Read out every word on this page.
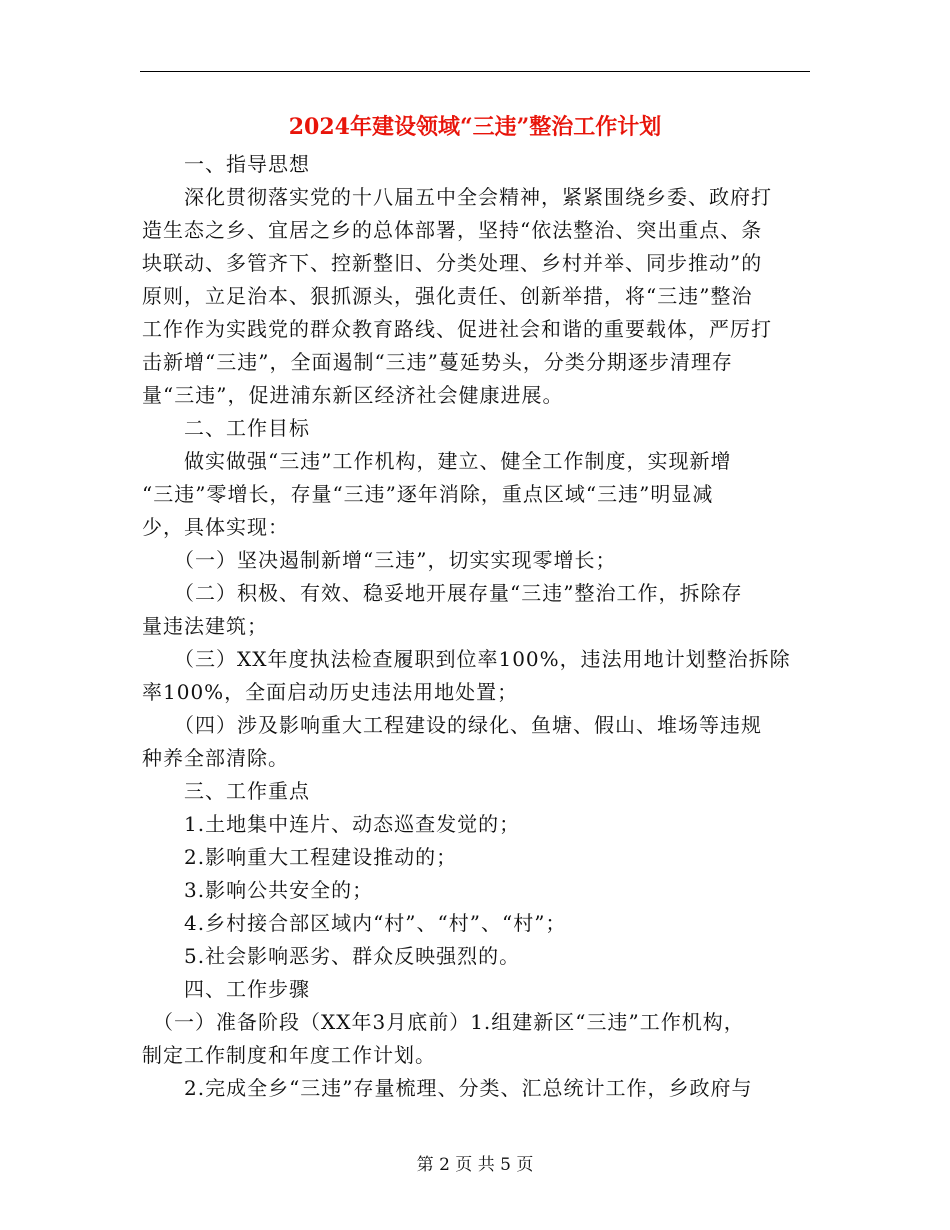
2024年建设领域“三违”整治工作计划
　　一、指导思想
　　深化贯彻落实党的十八届五中全会精神，紧紧围绕乡委、政府打
造生态之乡、宜居之乡的总体部署，坚持“依法整治、突出重点、条
块联动、多管齐下、控新整旧、分类处理、乡村并举、同步推动”的
原则，立足治本、狠抓源头，强化责任、创新举措，将“三违”整治
工作作为实践党的群众教育路线、促进社会和谐的重要载体，严厉打
击新增“三违”，全面遏制“三违”蔓延势头，分类分期逐步清理存
量“三违”，促进浦东新区经济社会健康进展。
　　二、工作目标
　　做实做强“三违”工作机构，建立、健全工作制度，实现新增
“三违”零增长，存量“三违”逐年消除，重点区域“三违”明显减
少，具体实现：
　　（一）坚决遏制新增“三违”，切实实现零增长；
　　（二）积极、有效、稳妥地开展存量“三违”整治工作，拆除存
量违法建筑；
　　（三）XX年度执法检查履职到位率100%，违法用地计划整治拆除
率100%，全面启动历史违法用地处置；
　　（四）涉及影响重大工程建设的绿化、鱼塘、假山、堆场等违规
种养全部清除。
　　三、工作重点
　　1.土地集中连片、动态巡查发觉的；
　　2.影响重大工程建设推动的；
　　3.影响公共安全的；
　　4.乡村接合部区域内“村”、“村”、“村”；
　　5.社会影响恶劣、群众反映强烈的。
　　四、工作步骤
　（一）准备阶段（XX年3月底前）1.组建新区“三违”工作机构，
制定工作制度和年度工作计划。
　　2.完成全乡“三违”存量梳理、分类、汇总统计工作，乡政府与
第 2 页 共 5 页
